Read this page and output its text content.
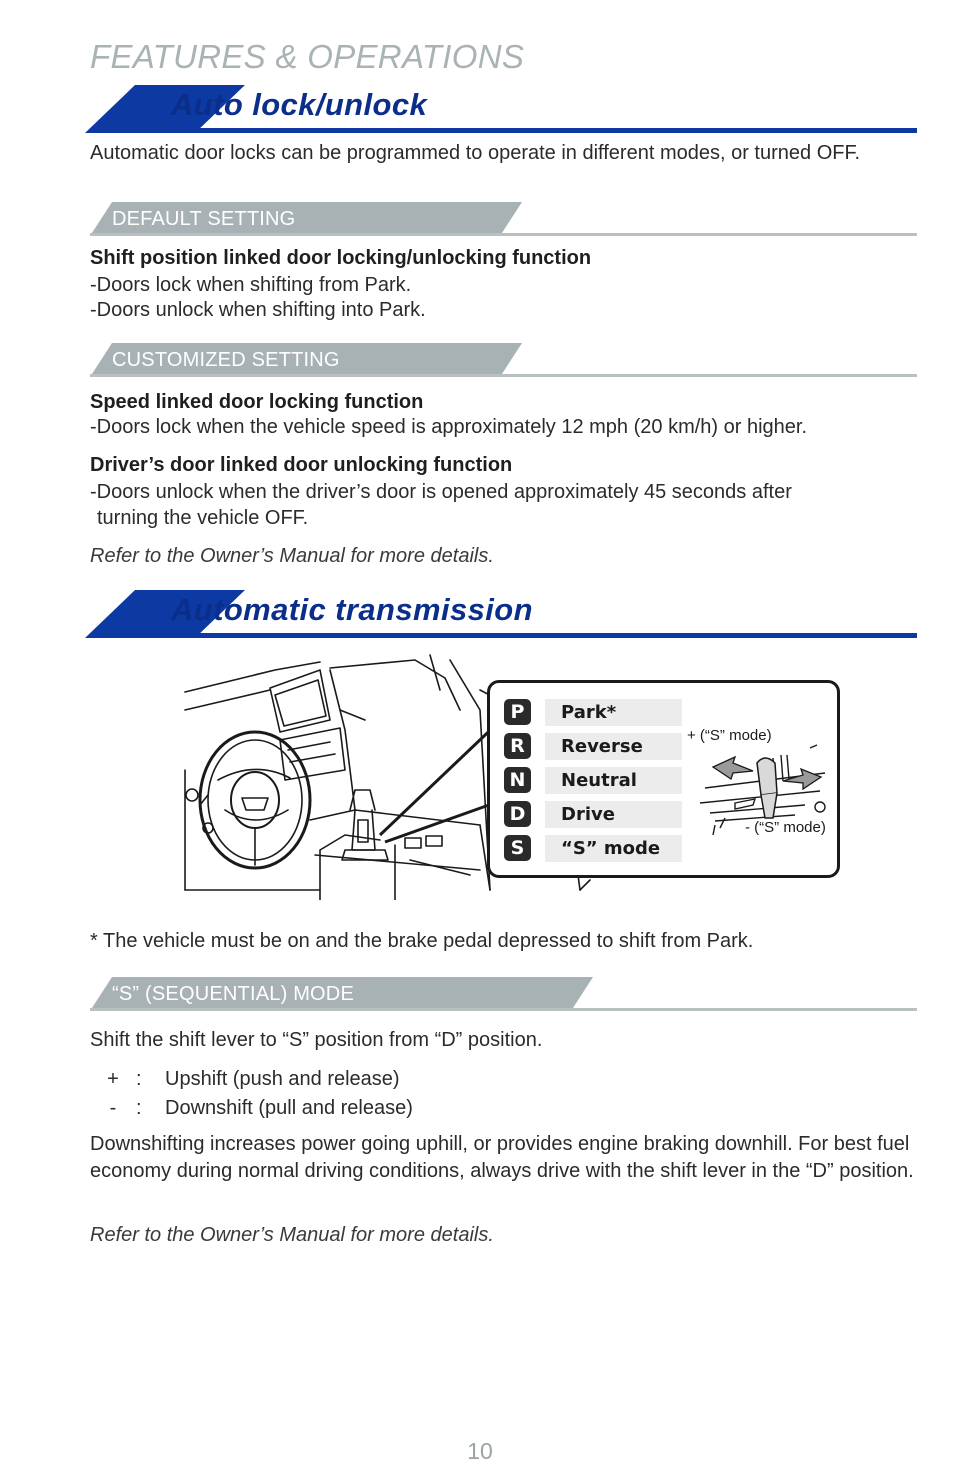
FEATURES & OPERATIONS
Auto lock/unlock
Automatic door locks can be programmed to operate in different modes, or turned OFF.
DEFAULT SETTING
Shift position linked door locking/unlocking function
-Doors lock when shifting from Park.
-Doors unlock when shifting into Park.
CUSTOMIZED SETTING
Speed linked door locking function
-Doors lock when the vehicle speed is approximately 12 mph (20 km/h) or higher.
Driver’s door linked door unlocking function
-Doors unlock when the driver’s door is opened approximately 45 seconds after
turning the vehicle OFF.
Refer to the Owner’s Manual for more details.
Automatic transmission
P	Park*
R	Reverse
N	Neutral
D	Drive
S	“S” mode
+ (“S” mode)
- (“S” mode)
* The vehicle must be on and the brake pedal depressed to shift from Park.
“S” (SEQUENTIAL) MODE
Shift the shift lever to “S” position from “D” position.
+ :	Upshift (push and release)
- :	Downshift (pull and release)
Downshifting increases power going uphill, or provides engine braking downhill. For best fuel economy during normal driving conditions, always drive with the shift lever in the “D” position.
Refer to the Owner’s Manual for more details.
10
